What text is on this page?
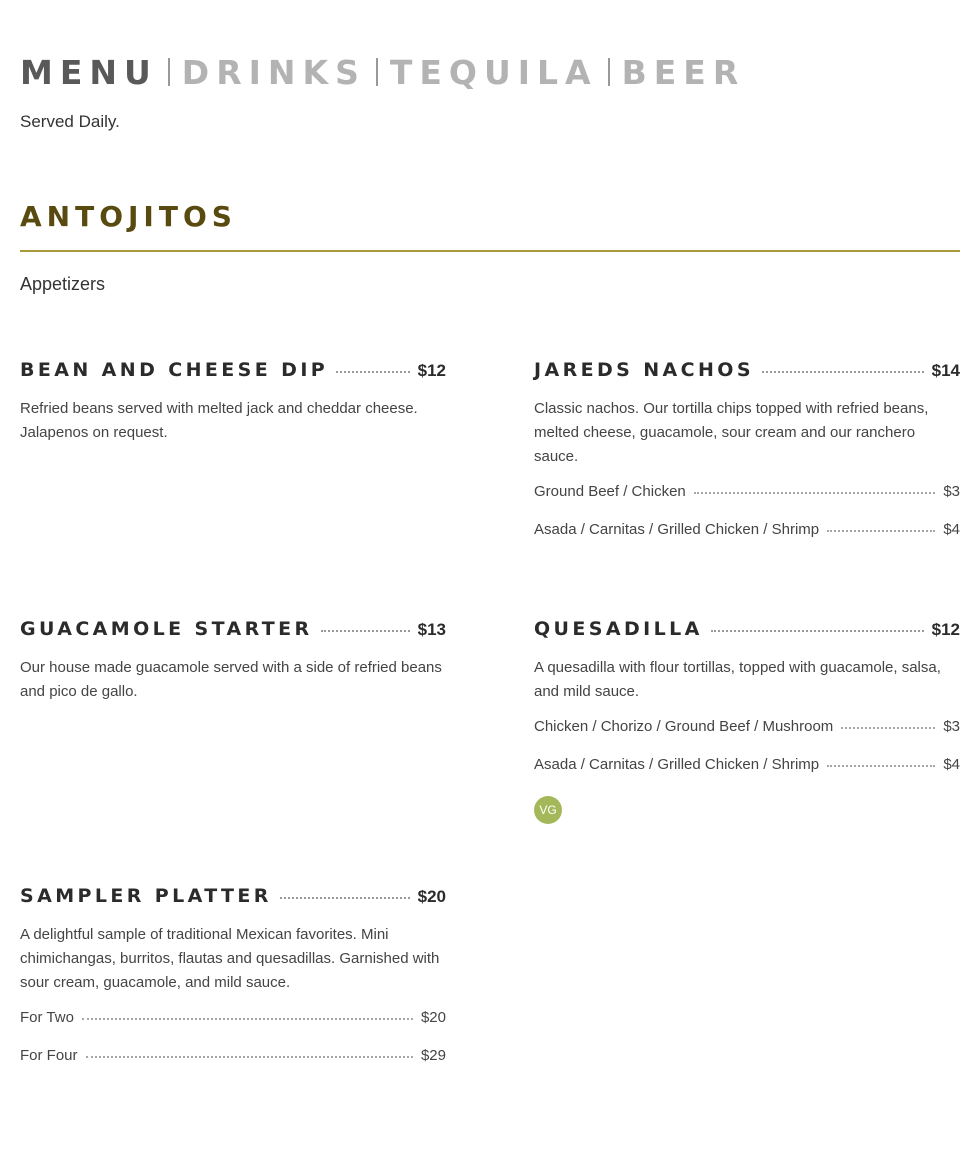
MENU DRINKS TEQUILA BEER
Served Daily.
ANTOJITOS
Appetizers
BEAN AND CHEESE DIP	$12
Refried beans served with melted jack and cheddar cheese. Jalapenos on request.
JAREDS NACHOS	$14
Classic nachos. Our tortilla chips topped with refried beans, melted cheese, guacamole, sour cream and our ranchero sauce.
Ground Beef / Chicken	$3
Asada / Carnitas / Grilled Chicken / Shrimp	$4
GUACAMOLE STARTER	$13
Our house made guacamole served with a side of refried beans and pico de gallo.
QUESADILLA	$12
A quesadilla with flour tortillas, topped with guacamole, salsa, and mild sauce.
Chicken / Chorizo / Ground Beef / Mushroom	$3
Asada / Carnitas / Grilled Chicken / Shrimp	$4
VG
SAMPLER PLATTER	$20
A delightful sample of traditional Mexican favorites. Mini chimichangas, burritos, flautas and quesadillas. Garnished with sour cream, guacamole, and mild sauce.
For Two	$20
For Four	$29
